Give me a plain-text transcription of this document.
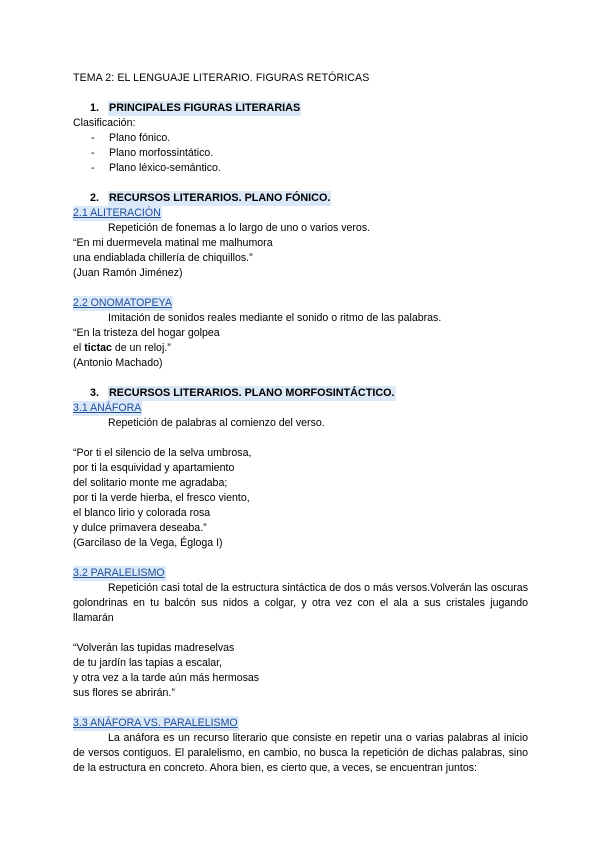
TEMA 2: EL LENGUAJE LITERARIO. FIGURAS RETÓRICAS

1. PRINCIPALES FIGURAS LITERARIAS

Clasificación:

-	Plano fónico.
-	Plano morfossintático.
-	Plano léxico-semántico.
2. RECURSOS LITERARIOS. PLANO FÓNICO.

2.1 ALITERACIÓN

Repetición de fonemas a lo largo de uno o varios veros.

“En mi duermevela matinal me malhumora

una endiablada chillería de chiquillos.”

(Juan Ramón Jiménez)

2.2 ONOMATOPEYA

Imitación de sonidos reales mediante el sonido o ritmo de las palabras.

“En la tristeza del hogar golpea

el tictac de un reloj.”

(Antonio Machado)

3. RECURSOS LITERARIOS. PLANO MORFOSINTÁCTICO.

3.1 ANÁFORA

Repetición de palabras al comienzo del verso.

“Por ti el silencio de la selva umbrosa,

por ti la esquividad y apartamiento

del solitario monte me agradaba;

por ti la verde hierba, el fresco viento,

el blanco lirio y colorada rosa

y dulce primavera deseaba.”

(Garcilaso de la Vega, Égloga I)

3.2 PARALELISMO

Repetición casi total de la estructura sintáctica de dos o más versos.Volverán las oscuras golondrinas en tu balcón sus nidos a colgar, y otra vez con el ala a sus cristales jugando llamarán

“Volverán las tupidas madreselvas

de tu jardín las tapias a escalar,

y otra vez a la tarde aún más hermosas

sus flores se abrirán.”

3.3 ANÁFORA VS. PARALELISMO

La anáfora es un recurso literario que consiste en repetir una o varias palabras al inicio de versos contiguos. El paralelismo, en cambio, no busca la repetición de dichas palabras, sino de la estructura en concreto. Ahora bien, es cierto que, a veces, se encuentran juntos:
